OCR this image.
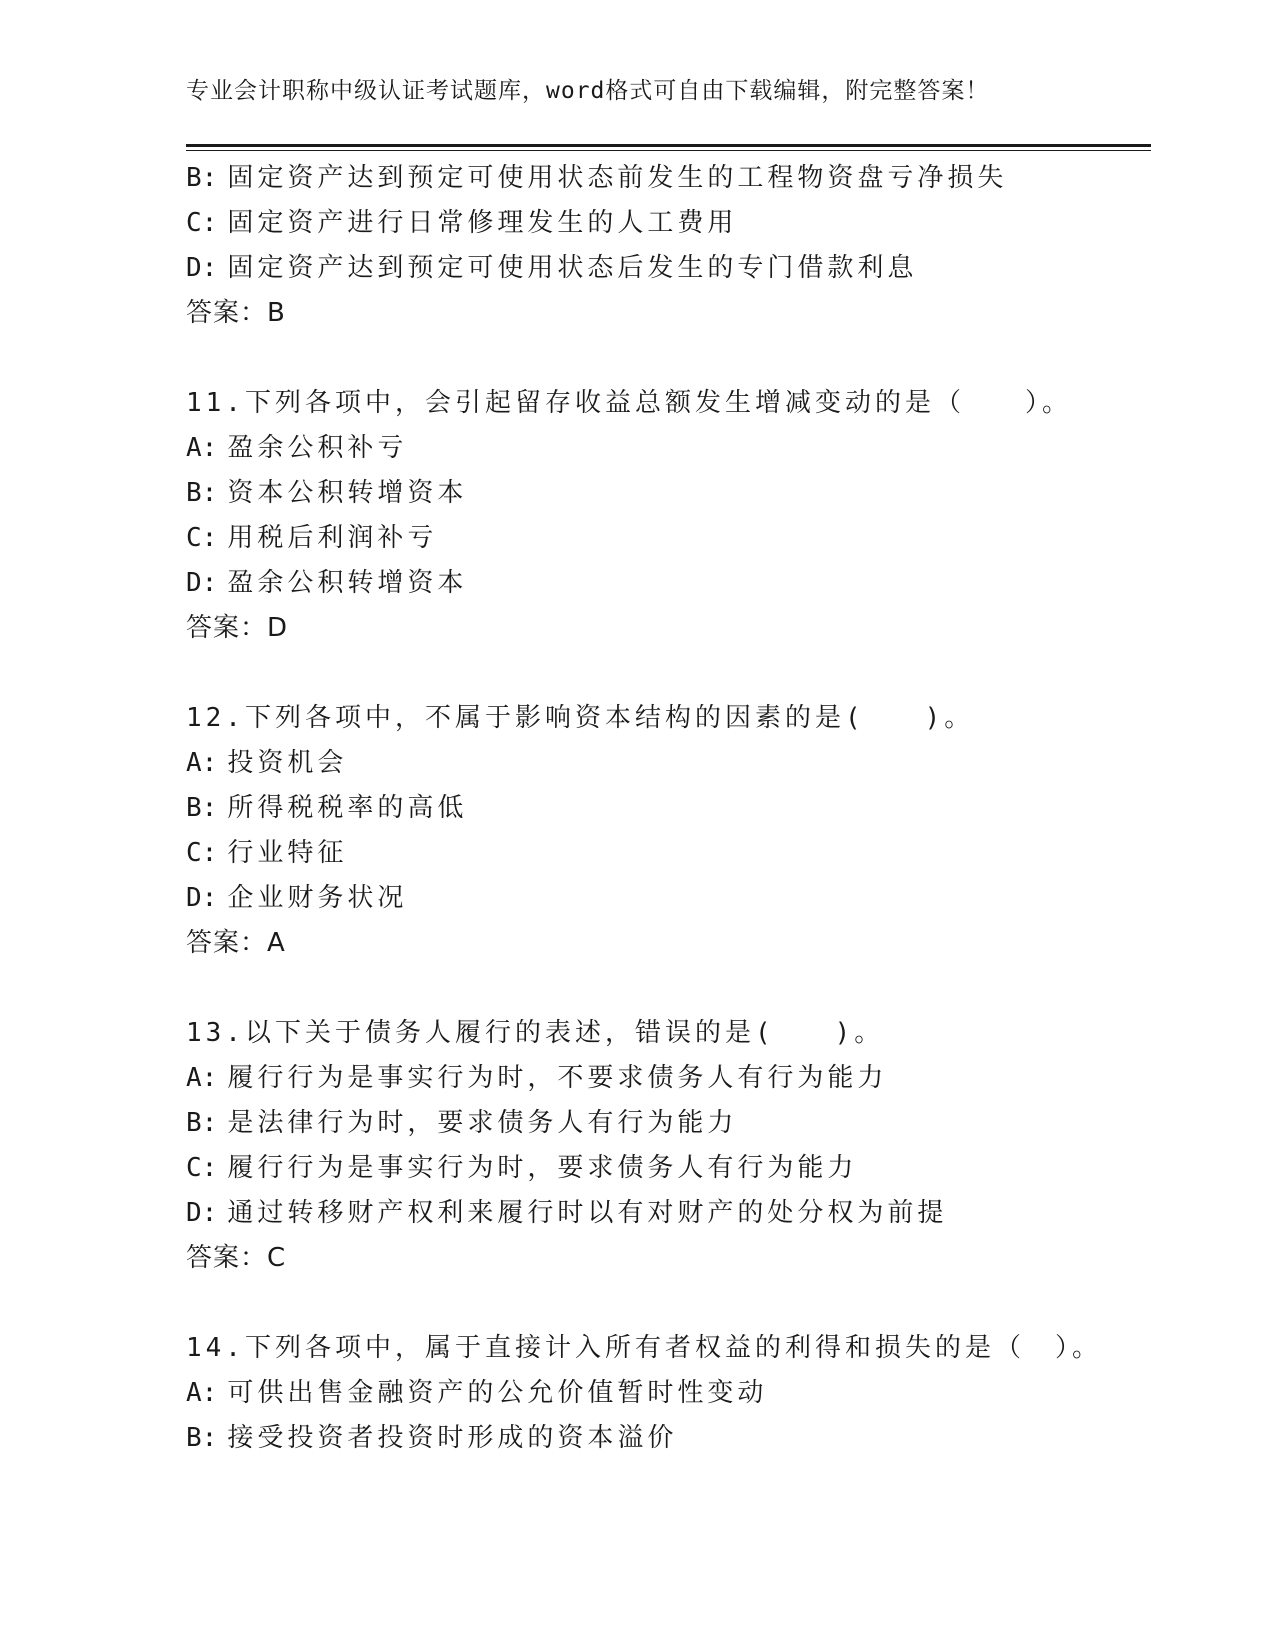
专业会计职称中级认证考试题库，word格式可自由下载编辑，附完整答案！
B: 固定资产达到预定可使用状态前发生的工程物资盘亏净损失
C: 固定资产进行日常修理发生的人工费用
D: 固定资产达到预定可使用状态后发生的专门借款利息
答案：B
11.下列各项中，会引起留存收益总额发生增减变动的是（　　）。
A: 盈余公积补亏
B: 资本公积转增资本
C: 用税后利润补亏
D: 盈余公积转增资本
答案：D
12.下列各项中，不属于影响资本结构的因素的是(　　)。
A: 投资机会
B: 所得税税率的高低
C: 行业特征
D: 企业财务状况
答案：A
13.以下关于债务人履行的表述，错误的是(　　)。
A: 履行行为是事实行为时，不要求债务人有行为能力
B: 是法律行为时，要求债务人有行为能力
C: 履行行为是事实行为时，要求债务人有行为能力
D: 通过转移财产权利来履行时以有对财产的处分权为前提
答案：C
14.下列各项中，属于直接计入所有者权益的利得和损失的是（　）。
A: 可供出售金融资产的公允价值暂时性变动
B: 接受投资者投资时形成的资本溢价
